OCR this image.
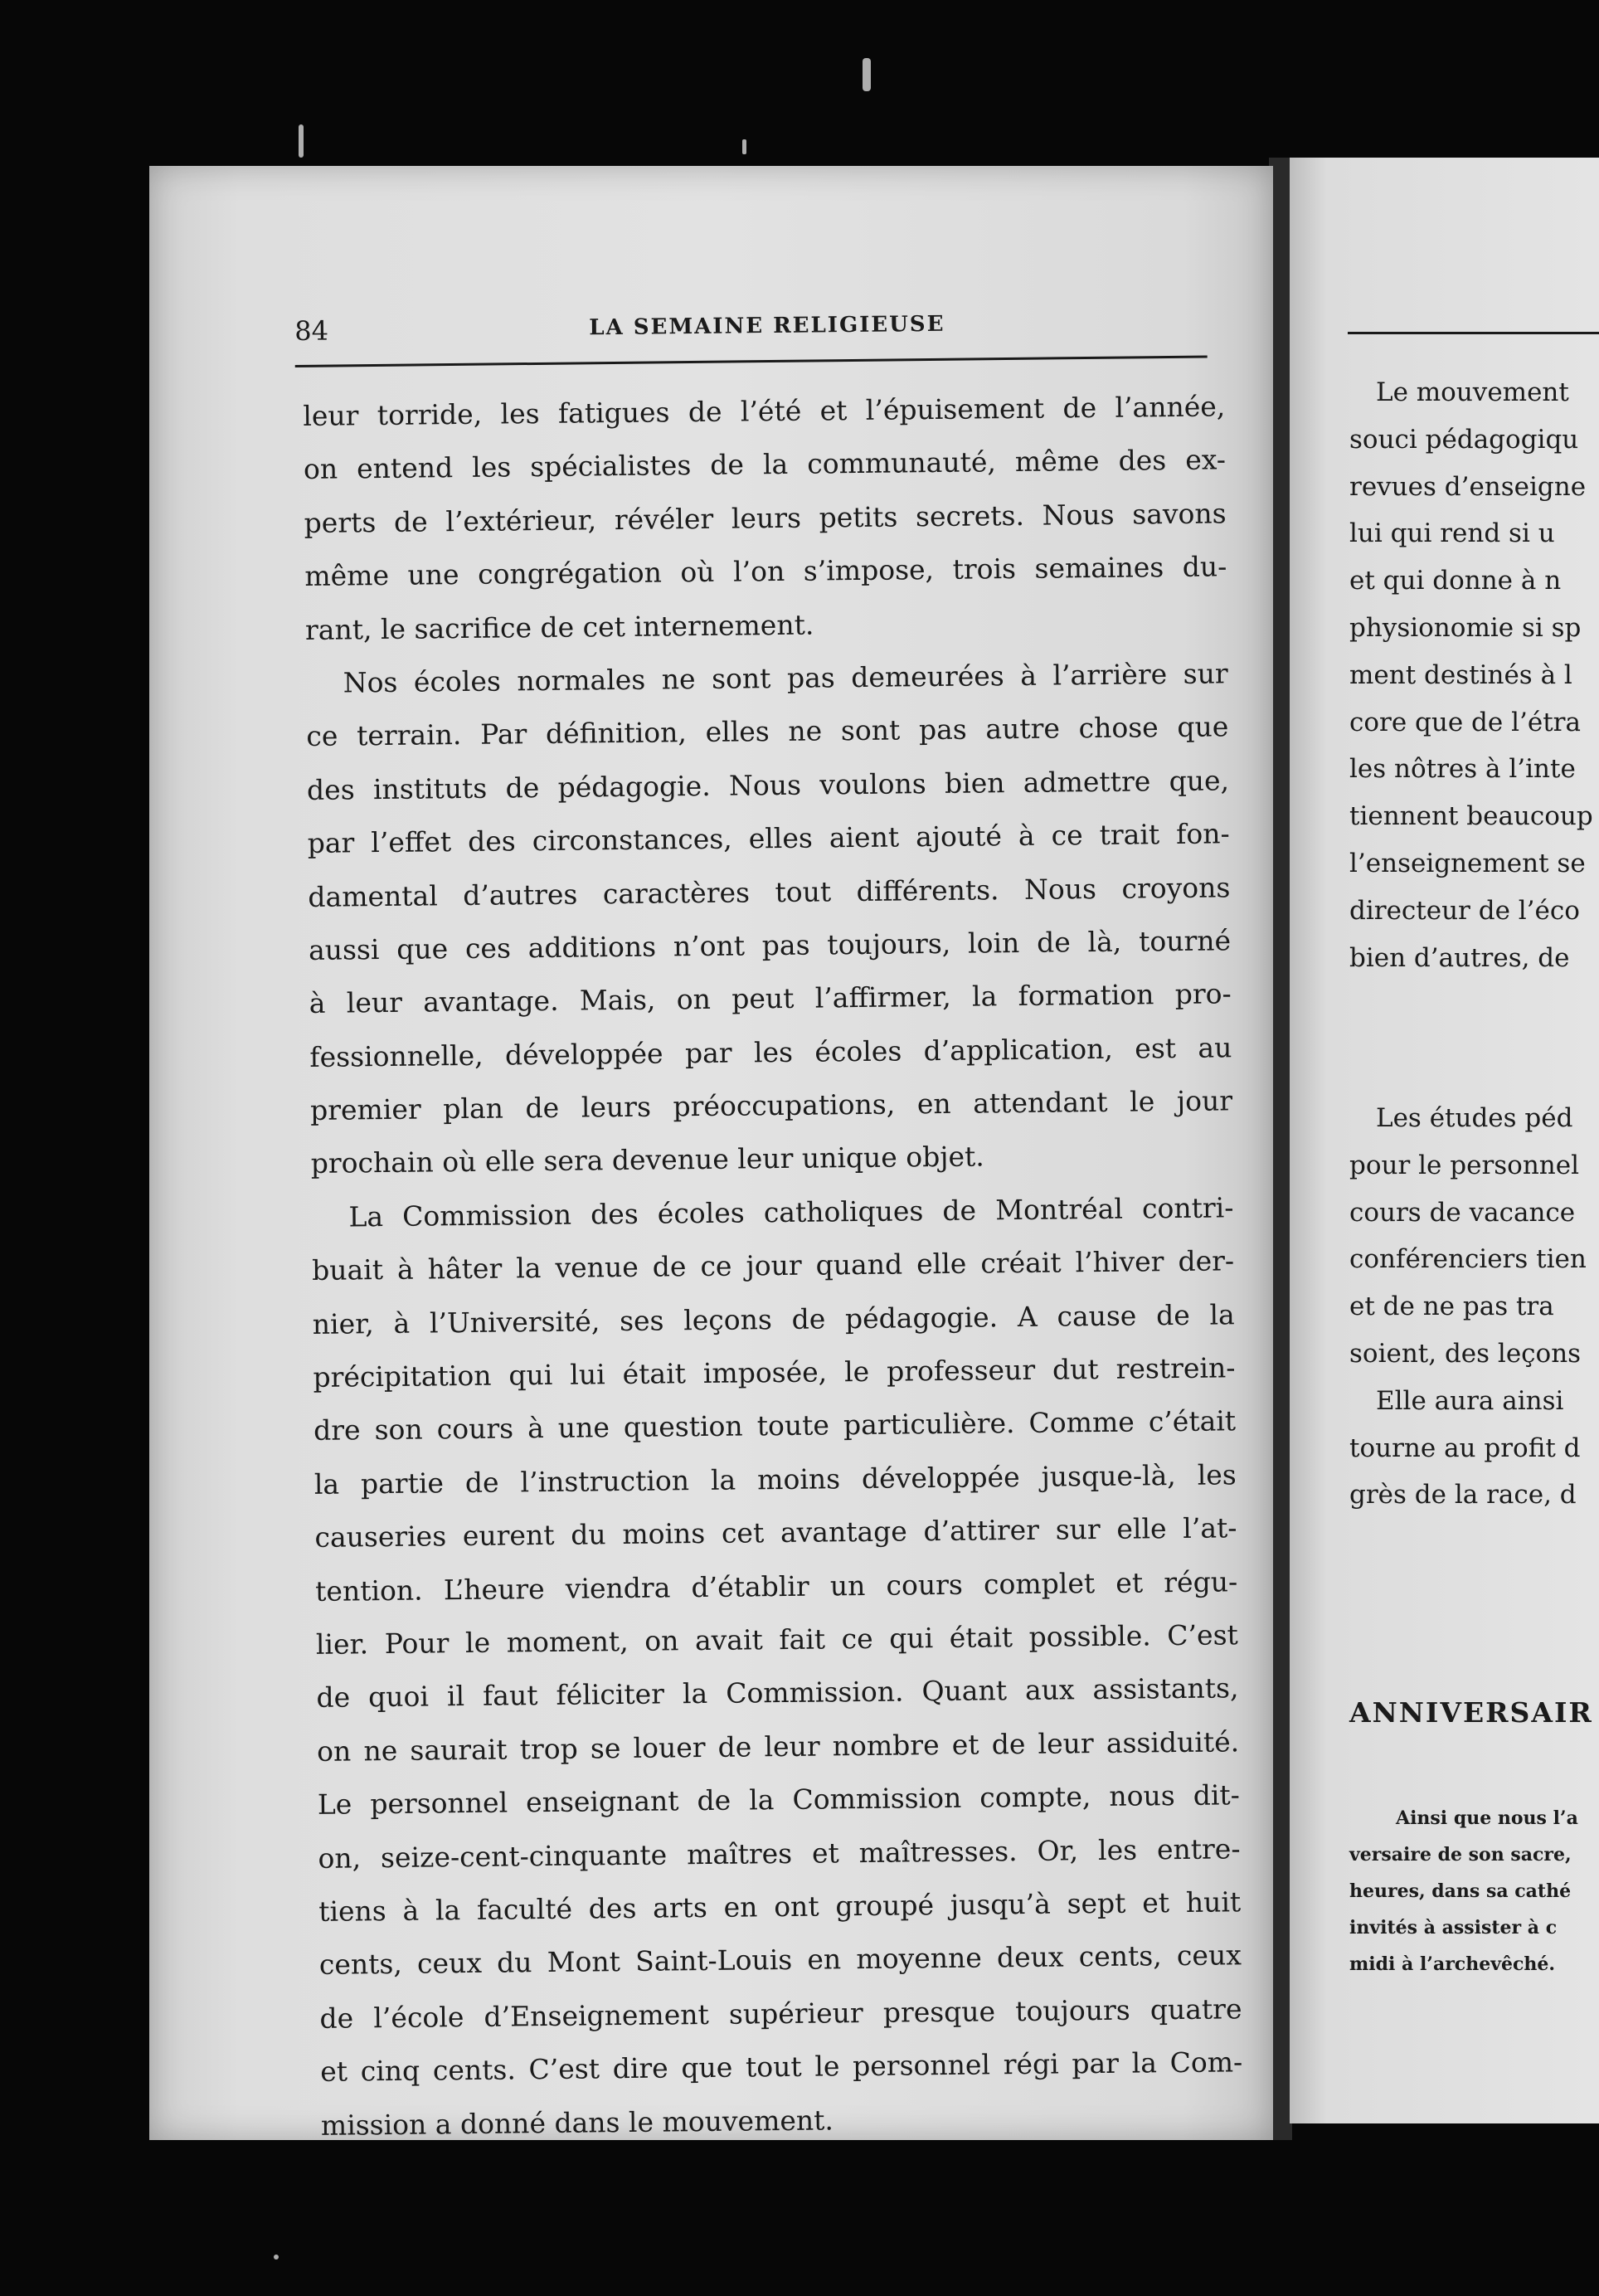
84	LA SEMAINE RELIGIEUSE
leur torride, les fatigues de l’été et l’épuisement de l’année,
on entend les spécialistes de la communauté, même des ex-
perts de l’extérieur, révéler leurs petits secrets. Nous savons
même une congrégation où l’on s’impose, trois semaines du-
rant, le sacrifice de cet internement.
Nos écoles normales ne sont pas demeurées à l’arrière sur
ce terrain. Par définition, elles ne sont pas autre chose que
des instituts de pédagogie. Nous voulons bien admettre que,
par l’effet des circonstances, elles aient ajouté à ce trait fon-
damental d’autres caractères tout différents. Nous croyons
aussi que ces additions n’ont pas toujours, loin de là, tourné
à leur avantage. Mais, on peut l’affirmer, la formation pro-
fessionnelle, développée par les écoles d’application, est au
premier plan de leurs préoccupations, en attendant le jour
prochain où elle sera devenue leur unique objet.
La Commission des écoles catholiques de Montréal contri-
buait à hâter la venue de ce jour quand elle créait l’hiver der-
nier, à l’Université, ses leçons de pédagogie. A cause de la
précipitation qui lui était imposée, le professeur dut restrein-
dre son cours à une question toute particulière. Comme c’était
la partie de l’instruction la moins développée jusque-là, les
causeries eurent du moins cet avantage d’attirer sur elle l’at-
tention. L’heure viendra d’établir un cours complet et régu-
lier. Pour le moment, on avait fait ce qui était possible. C’est
de quoi il faut féliciter la Commission. Quant aux assistants,
on ne saurait trop se louer de leur nombre et de leur assiduité.
Le personnel enseignant de la Commission compte, nous dit-
on, seize-cent-cinquante maîtres et maîtresses. Or, les entre-
tiens à la faculté des arts en ont groupé jusqu’à sept et huit
cents, ceux du Mont Saint-Louis en moyenne deux cents, ceux
de l’école d’Enseignement supérieur presque toujours quatre
et cinq cents. C’est dire que tout le personnel régi par la Com-
mission a donné dans le mouvement.
Le mouvement
souci pédagogiqu
revues d’enseigne
lui qui rend si u
et qui donne à n
physionomie si sp
ment destinés à l
core que de l’étra
les nôtres à l’inte
tiennent beaucoup
l’enseignement se
directeur de l’éco
bien d’autres, de
Les études péd
pour le personnel
cours de vacance
conférenciers tien
et de ne pas tra
soient, des leçons
Elle aura ainsi
tourne au profit d
grès de la race, d
ANNIVERSAIR
Ainsi que nous l’a
versaire de son sacre,
heures, dans sa cathé
invités à assister à c
midi à l’archevêché.
